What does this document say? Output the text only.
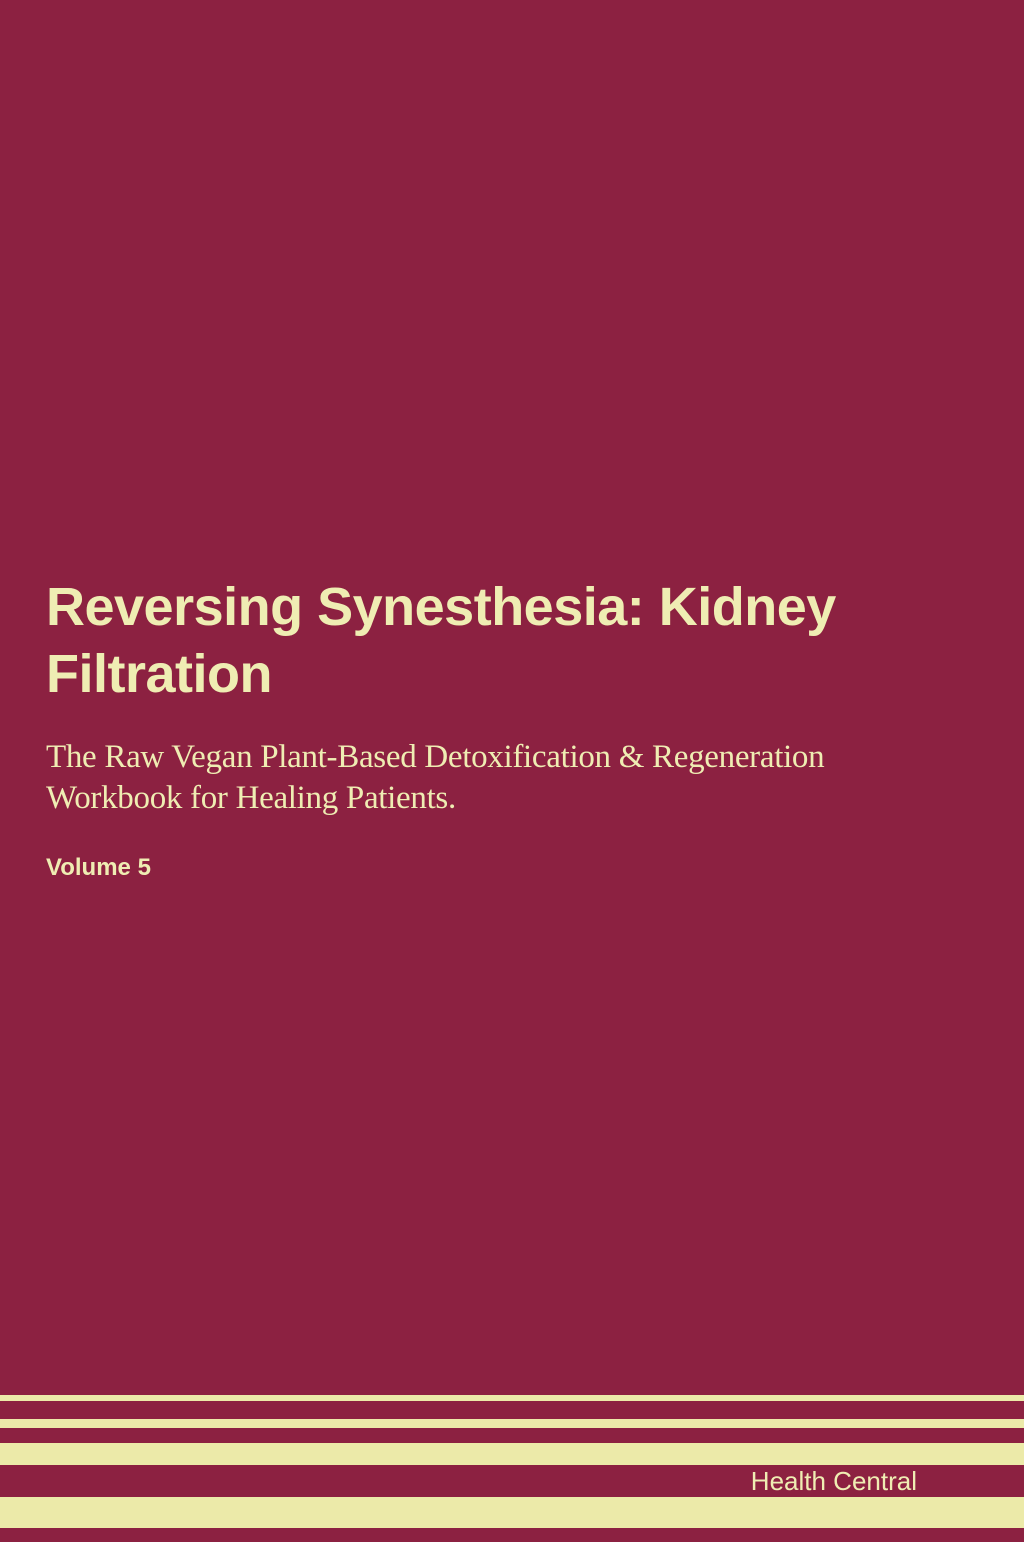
Reversing Synesthesia: Kidney
Filtration
The Raw Vegan Plant-Based Detoxification & Regeneration
Workbook for Healing Patients.
Volume 5
Health Central
